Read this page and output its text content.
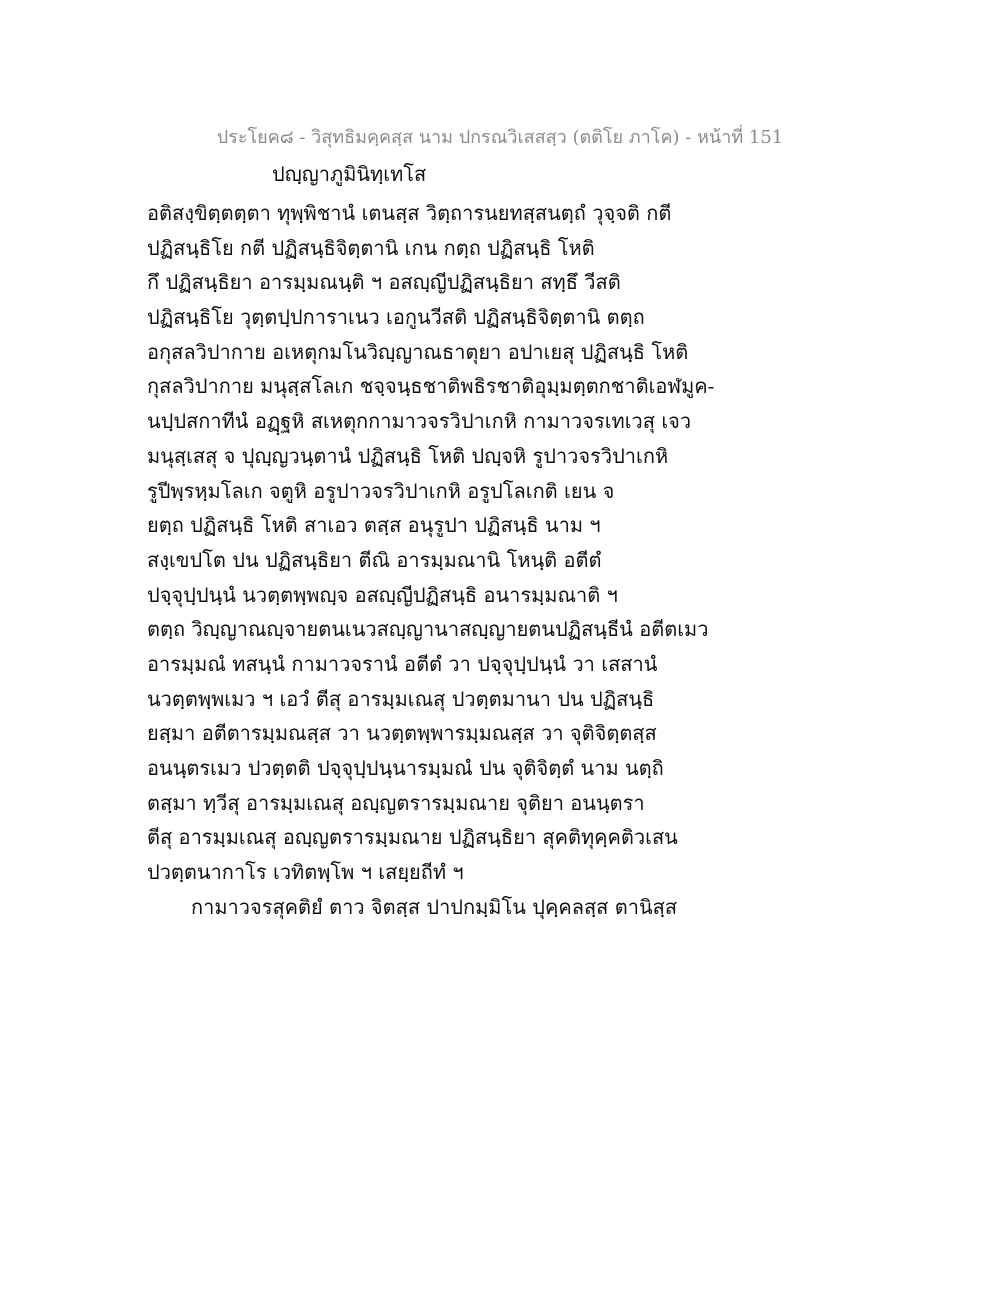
ประโยค๘ - วิสุทธิมคฺคสฺส นาม ปกรณวิเสสสฺว (ตติโย ภาโค) - หน้าที่ 151
ปญฺญาภูมินิทฺเทโส
อติสงฺขิตฺตตฺตา ทุพฺพิชานํ เตนสฺส วิตฺถารนยทสฺสนตฺถํ วุจฺจติ กตี
ปฏิสนฺธิโย กตี ปฏิสนฺธิจิตฺตานิ เกน กตฺถ ปฏิสนฺธิ โหติ
กึ ปฏิสนฺธิยา อารมฺมณนฺติ ฯ อสญฺญีปฏิสนฺธิยา สทฺธึ วีสติ
ปฏิสนฺธิโย วุตฺตปฺปการาเนว เอกูนวีสติ ปฏิสนฺธิจิตฺตานิ ตตฺถ
อกุสลวิปากาย อเหตุกมโนวิญฺญาณธาตุยา อปาเยสุ ปฏิสนฺธิ โหติ
กุสลวิปากาย มนุสฺสโลเก ชจฺจนฺธชาติพธิรชาติอุมฺมตฺตกชาติเอฬมูค-
นปฺปสกาทีนํ อฏฺฐหิ สเหตุกกามาวจรวิปาเกหิ กามาวจรเทเวสุ เจว
มนุสฺเสสุ จ ปุญฺญวนฺตานํ ปฏิสนฺธิ โหติ ปญฺจหิ รูปาวจรวิปาเกหิ
รูปีพฺรหฺมโลเก จตูหิ อรูปาวจรวิปาเกหิ อรูปโลเกติ เยน จ
ยตฺถ ปฏิสนฺธิ โหติ สาเอว ตสฺส อนุรูปา ปฏิสนฺธิ นาม ฯ
สงฺเขปโต ปน ปฏิสนฺธิยา ตีณิ อารมฺมณานิ โหนฺติ อตีตํ
ปจฺจุปฺปนฺนํ นวตฺตพฺพญฺจ อสญฺญีปฏิสนฺธิ อนารมฺมณาติ ฯ
ตตฺถ วิญฺญาณญฺจายตนเนวสญฺญานาสญฺญายตนปฏิสนฺธีนํ อตีตเมว
อารมฺมณํ ทสนฺนํ กามาวจรานํ อตีตํ วา ปจฺจุปฺปนฺนํ วา เสสานํ
นวตฺตพฺพเมว ฯ เอวํ ตีสุ อารมฺมเณสุ ปวตฺตมานา ปน ปฏิสนฺธิ
ยสฺมา อตีตารมฺมณสฺส วา นวตฺตพฺพารมฺมณสฺส วา จุติจิตฺตสฺส
อนนฺตรเมว ปวตฺตติ ปจฺจุปฺปนฺนารมฺมณํ ปน จุติจิตฺตํ นาม นตฺถิ
ตสฺมา ทฺวีสุ อารมฺมเณสุ อญฺญตรารมฺมณาย จุติยา อนนฺตรา
ตีสุ อารมฺมเณสุ อญฺญตรารมฺมณาย ปฏิสนฺธิยา สุคติทุคฺคติวเสน
ปวตฺตนากาโร เวทิตพฺโพ ฯ เสยฺยถีทํ ฯ
กามาวจรสุคติยํ ตาว จิตสฺส ปาปกมฺมิโน ปุคฺคลสฺส ตานิสฺส
